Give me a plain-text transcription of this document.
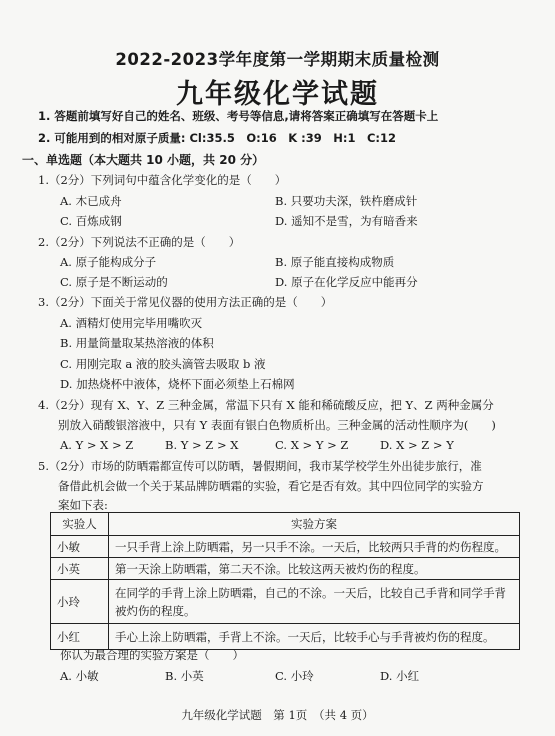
2022-2023学年度第一学期期末质量检测
九年级化学试题
1. 答题前填写好自己的姓名、班级、考号等信息,请将答案正确填写在答题卡上
2. 可能用到的相对原子质量: Cl:35.5　O:16　K :39　H:1　C:12
一、单选题（本大题共 10 小题，共 20 分）
1.（2分）下列词句中蕴含化学变化的是（　　）
A. 木已成舟	B. 只要功夫深，铁杵磨成针
C. 百炼成钢	D. 遥知不是雪，为有暗香来
2.（2分）下列说法不正确的是（　　）
A. 原子能构成分子	B. 原子能直接构成物质
C. 原子是不断运动的	D. 原子在化学反应中能再分
3.（2分）下面关于常见仪器的使用方法正确的是（　　）
A. 酒精灯使用完毕用嘴吹灭
B. 用量筒量取某热溶液的体积
C. 用刚完取 a 液的胶头滴管去吸取 b 液
D. 加热烧杯中液体，烧杯下面必须垫上石棉网
4.（2分）现有 X、Y、Z 三种金属，常温下只有 X 能和稀硫酸反应，把 Y、Z 两种金属分
别放入硝酸银溶液中，只有 Y 表面有银白色物质析出。三种金属的活动性顺序为(　　)
A. Y > X > Z	B. Y > Z > X	C. X > Y > Z	D. X > Z > Y
5.（2分）市场的防晒霜都宣传可以防晒，暑假期间，我市某学校学生外出徒步旅行，准
备借此机会做一个关于某品牌防晒霜的实验，看它是否有效。其中四位同学的实验方
案如下表:
实验人	实验方案
小敏	一只手背上涂上防晒霜，另一只手不涂。一天后，比较两只手背的灼伤程度。
小英	第一天涂上防晒霜，第二天不涂。比较这两天被灼伤的程度。
小玲	在同学的手背上涂上防晒霜，自己的不涂。一天后，比较自己手背和同学手背被灼伤的程度。
小红	手心上涂上防晒霜，手背上不涂。一天后，比较手心与手背被灼伤的程度。
你认为最合理的实验方案是（　　）
A. 小敏	B. 小英	C. 小玲	D. 小红
九年级化学试题　第 1页　（共 4 页）
